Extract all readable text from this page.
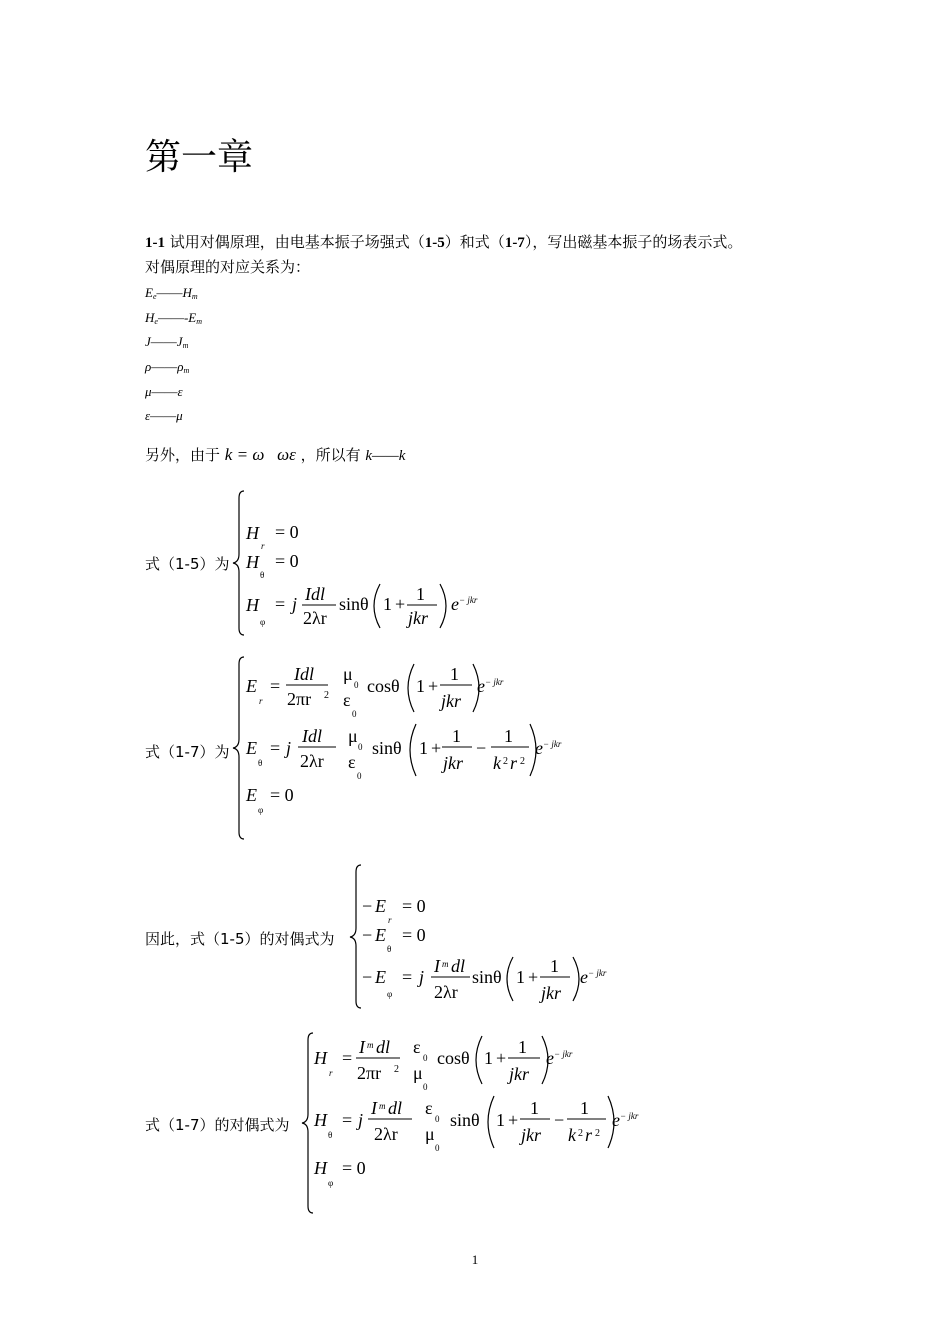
第一章
1-1 试用对偶原理，由电基本振子场强式（1-5）和式（1-7），写出磁基本振子的场表示式。
对偶原理的对应关系为：
$E_e——H_m$
$H_e——-E_m$
$J——J_m$
$\rho——\rho_m$
μ——ε
ε——μ
另外，由于 k = ω   ωε ，所以有 k——k
式（1-5）为
H
r
= 0
H
θ
= 0
H
φ
= j Idl
2λr
sinθ 1 + 1
jkr
e − jkr
式（1-7）为
E
r
=
Idl
2πr 2
μ
0
ε
0
cosθ 1 +
1
jkr
e − jkr
E
θ
= j
Idl
2λr
μ
0
ε
0
sinθ 1 +
1
jkr
−
1
k 2 r 2
e − jkr
E
φ
= 0
因此，式（1-5）的对偶式为
− E
r
= 0
− E
θ
= 0
− E
φ
= j
I m dl
2λr
sinθ 1 +
1
jkr
e − jkr
式（1-7）的对偶式为
H
r
=
I m dl
2πr 2
ε
0
μ
0
cosθ 1 +
1
jkr
e − jkr
H
θ
= j
I m dl
2λr
ε
0
μ
0
sinθ 1 +
1
jkr
−
1
k 2 r 2
e − jkr
H
φ
= 0
1
